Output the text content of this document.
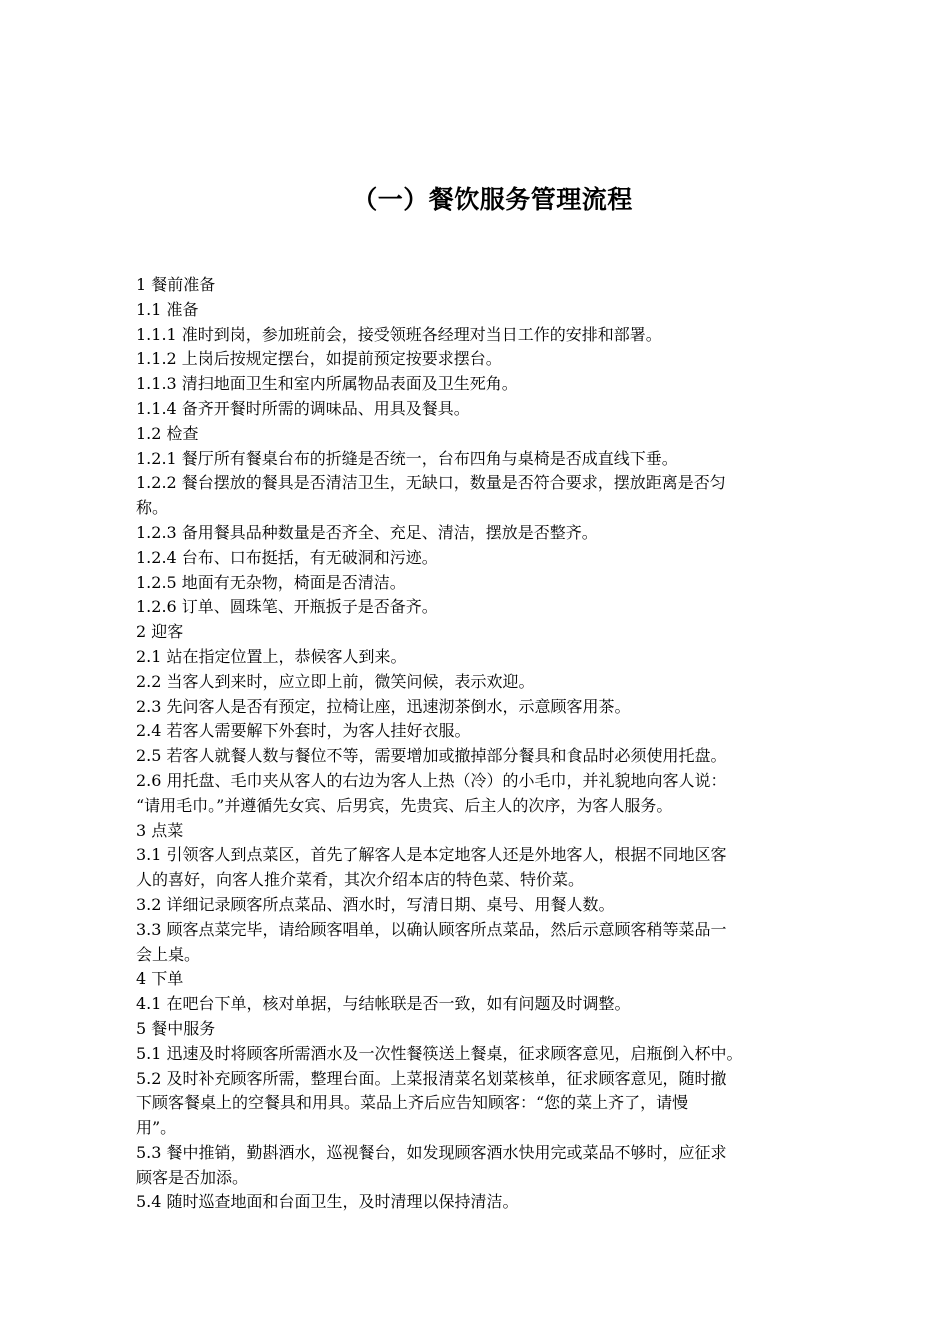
（一）餐饮服务管理流程
1 餐前准备
1.1 准备
1.1.1 准时到岗，参加班前会，接受领班各经理对当日工作的安排和部署。
1.1.2 上岗后按规定摆台，如提前预定按要求摆台。
1.1.3 清扫地面卫生和室内所属物品表面及卫生死角。
1.1.4 备齐开餐时所需的调味品、用具及餐具。
1.2 检查
1.2.1 餐厅所有餐桌台布的折缝是否统一，台布四角与桌椅是否成直线下垂。
1.2.2 餐台摆放的餐具是否清洁卫生，无缺口，数量是否符合要求，摆放距离是否匀
称。
1.2.3 备用餐具品种数量是否齐全、充足、清洁，摆放是否整齐。
1.2.4 台布、口布挺括，有无破洞和污迹。
1.2.5 地面有无杂物，椅面是否清洁。
1.2.6 订单、圆珠笔、开瓶扳子是否备齐。
2 迎客
2.1 站在指定位置上，恭候客人到来。
2.2 当客人到来时，应立即上前，微笑问候，表示欢迎。
2.3 先问客人是否有预定，拉椅让座，迅速沏茶倒水，示意顾客用茶。
2.4 若客人需要解下外套时，为客人挂好衣服。
2.5 若客人就餐人数与餐位不等，需要增加或撤掉部分餐具和食品时必须使用托盘。
2.6 用托盘、毛巾夹从客人的右边为客人上热（冷）的小毛巾，并礼貌地向客人说：
“请用毛巾。”并遵循先女宾、后男宾，先贵宾、后主人的次序，为客人服务。
3 点菜
3.1 引领客人到点菜区，首先了解客人是本定地客人还是外地客人，根据不同地区客
人的喜好，向客人推介菜肴，其次介绍本店的特色菜、特价菜。
3.2 详细记录顾客所点菜品、酒水时，写清日期、桌号、用餐人数。
3.3 顾客点菜完毕，请给顾客唱单，以确认顾客所点菜品，然后示意顾客稍等菜品一
会上桌。
4 下单
4.1 在吧台下单，核对单据，与结帐联是否一致，如有问题及时调整。
5 餐中服务
5.1 迅速及时将顾客所需酒水及一次性餐筷送上餐桌，征求顾客意见，启瓶倒入杯中。
5.2 及时补充顾客所需，整理台面。上菜报清菜名划菜核单，征求顾客意见，随时撤
下顾客餐桌上的空餐具和用具。菜品上齐后应告知顾客：“您的菜上齐了，请慢
用”。
5.3 餐中推销，勤斟酒水，巡视餐台，如发现顾客酒水快用完或菜品不够时，应征求
顾客是否加添。
5.4 随时巡查地面和台面卫生，及时清理以保持清洁。
